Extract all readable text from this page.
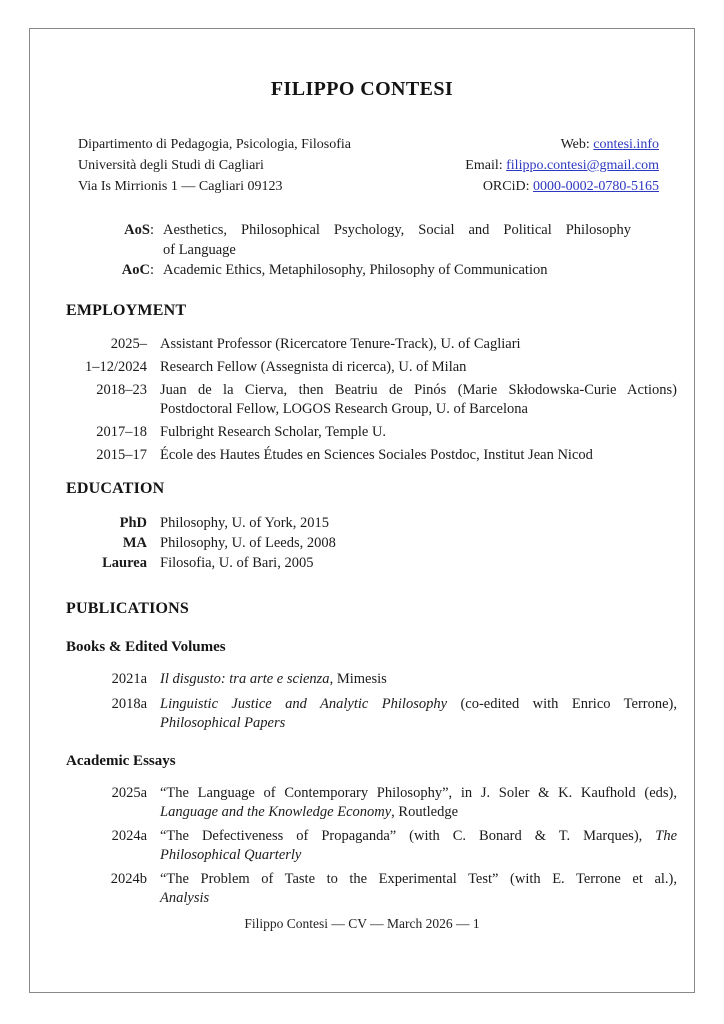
FILIPPO CONTESI
Dipartimento di Pedagogia, Psicologia, Filosofia
Università degli Studi di Cagliari
Via Is Mirrionis 1 — Cagliari 09123
Web: contesi.info
Email: filippo.contesi@gmail.com
ORCiD: 0000-0002-0780-5165
AoS: Aesthetics, Philosophical Psychology, Social and Political Philosophy
of Language
AoC: Academic Ethics, Metaphilosophy, Philosophy of Communication
EMPLOYMENT
2025– Assistant Professor (Ricercatore Tenure-Track), U. of Cagliari
1–12/2024 Research Fellow (Assegnista di ricerca), U. of Milan
2018–23 Juan de la Cierva, then Beatriu de Pinós (Marie Skłodowska-Curie Actions)
Postdoctoral Fellow, LOGOS Research Group, U. of Barcelona
2017–18 Fulbright Research Scholar, Temple U.
2015–17 École des Hautes Études en Sciences Sociales Postdoc, Institut Jean Nicod
EDUCATION
PhD Philosophy, U. of York, 2015
MA Philosophy, U. of Leeds, 2008
Laurea Filosofia, U. of Bari, 2005
PUBLICATIONS
Books & Edited Volumes
2021a Il disgusto: tra arte e scienza, Mimesis
2018a Linguistic Justice and Analytic Philosophy (co-edited with Enrico Terrone),
Philosophical Papers
Academic Essays
2025a “The Language of Contemporary Philosophy”, in J. Soler & K. Kaufhold (eds),
Language and the Knowledge Economy, Routledge
2024a “The Defectiveness of Propaganda” (with C. Bonard & T. Marques), The
Philosophical Quarterly
2024b “The Problem of Taste to the Experimental Test” (with E. Terrone et al.),
Analysis
Filippo Contesi — CV — March 2026 — 1
